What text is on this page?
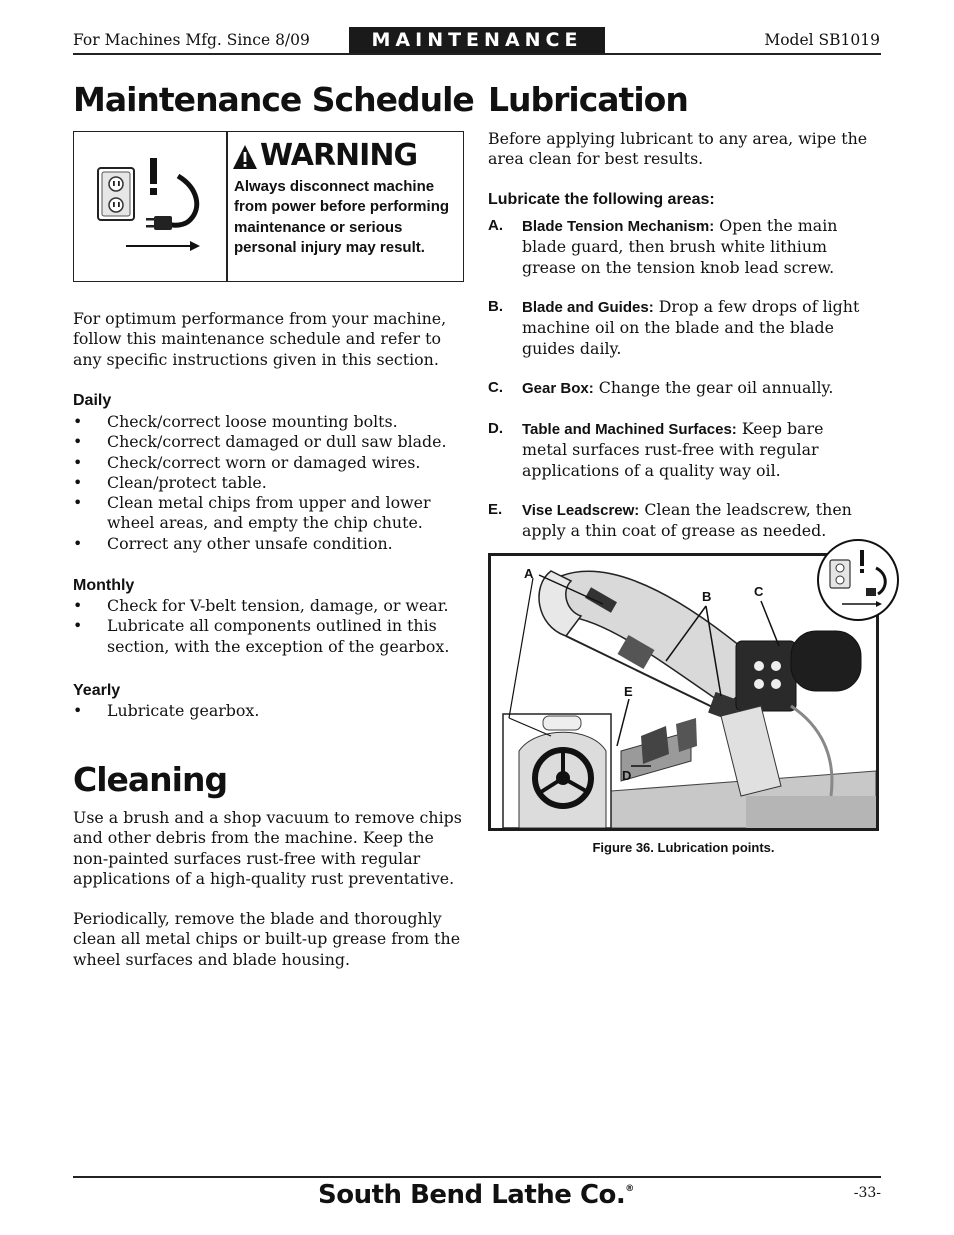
For Machines Mfg. Since 8/09	MAINTENANCE	Model SB1019
Maintenance Schedule
WARNING
Always disconnect machine from power before performing maintenance or serious personal injury may result.

For optimum performance from your machine, follow this maintenance schedule and refer to any specific instructions given in this section.

Daily
• Check/correct loose mounting bolts.
• Check/correct damaged or dull saw blade.
• Check/correct worn or damaged wires.
• Clean/protect table.
• Clean metal chips from upper and lower wheel areas, and empty the chip chute.
• Correct any other unsafe condition.
Monthly
• Check for V-belt tension, damage, or wear.
• Lubricate all components outlined in this section, with the exception of the gearbox.
Yearly
• Lubricate gearbox.
Cleaning

Use a brush and a shop vacuum to remove chips and other debris from the machine. Keep the non-painted surfaces rust-free with regular applications of a high-quality rust preventative.

Periodically, remove the blade and thoroughly clean all metal chips or built-up grease from the wheel surfaces and blade housing.

Lubrication

Before applying lubricant to any area, wipe the area clean for best results.

Lubricate the following areas:
A. Blade Tension Mechanism: Open the main blade guard, then brush white lithium grease on the tension knob lead screw.
B. Blade and Guides: Drop a few drops of light machine oil on the blade and the blade guides daily.
C. Gear Box: Change the gear oil annually.
D. Table and Machined Surfaces: Keep bare metal surfaces rust-free with regular applications of a quality way oil.
E. Vise Leadscrew: Clean the leadscrew, then apply a thin coat of grease as needed.
A
B	C
D
E
Figure 36. Lubrication points.
South Bend Lathe Co.®	-33-
